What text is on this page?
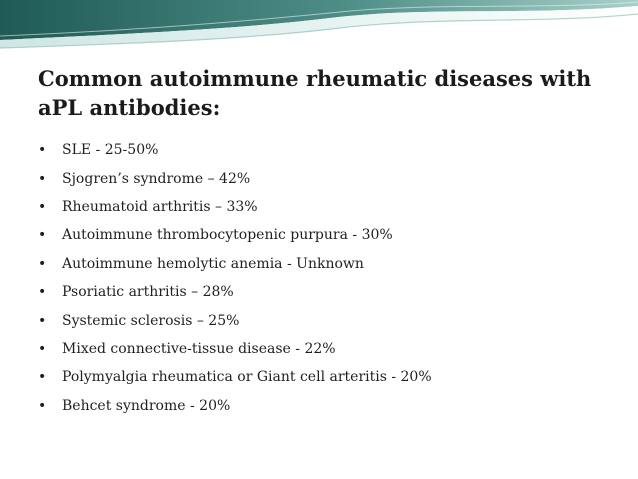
Common autoimmune rheumatic diseases with aPL antibodies:
•	SLE - 25-50%
•	Sjogren’s syndrome – 42%
•	Rheumatoid arthritis – 33%
•	Autoimmune thrombocytopenic purpura - 30%
•	Autoimmune hemolytic anemia - Unknown
•	Psoriatic arthritis – 28%
•	Systemic sclerosis – 25%
•	Mixed connective-tissue disease - 22%
•	Polymyalgia rheumatica or Giant cell arteritis - 20%
•	Behcet syndrome - 20%
